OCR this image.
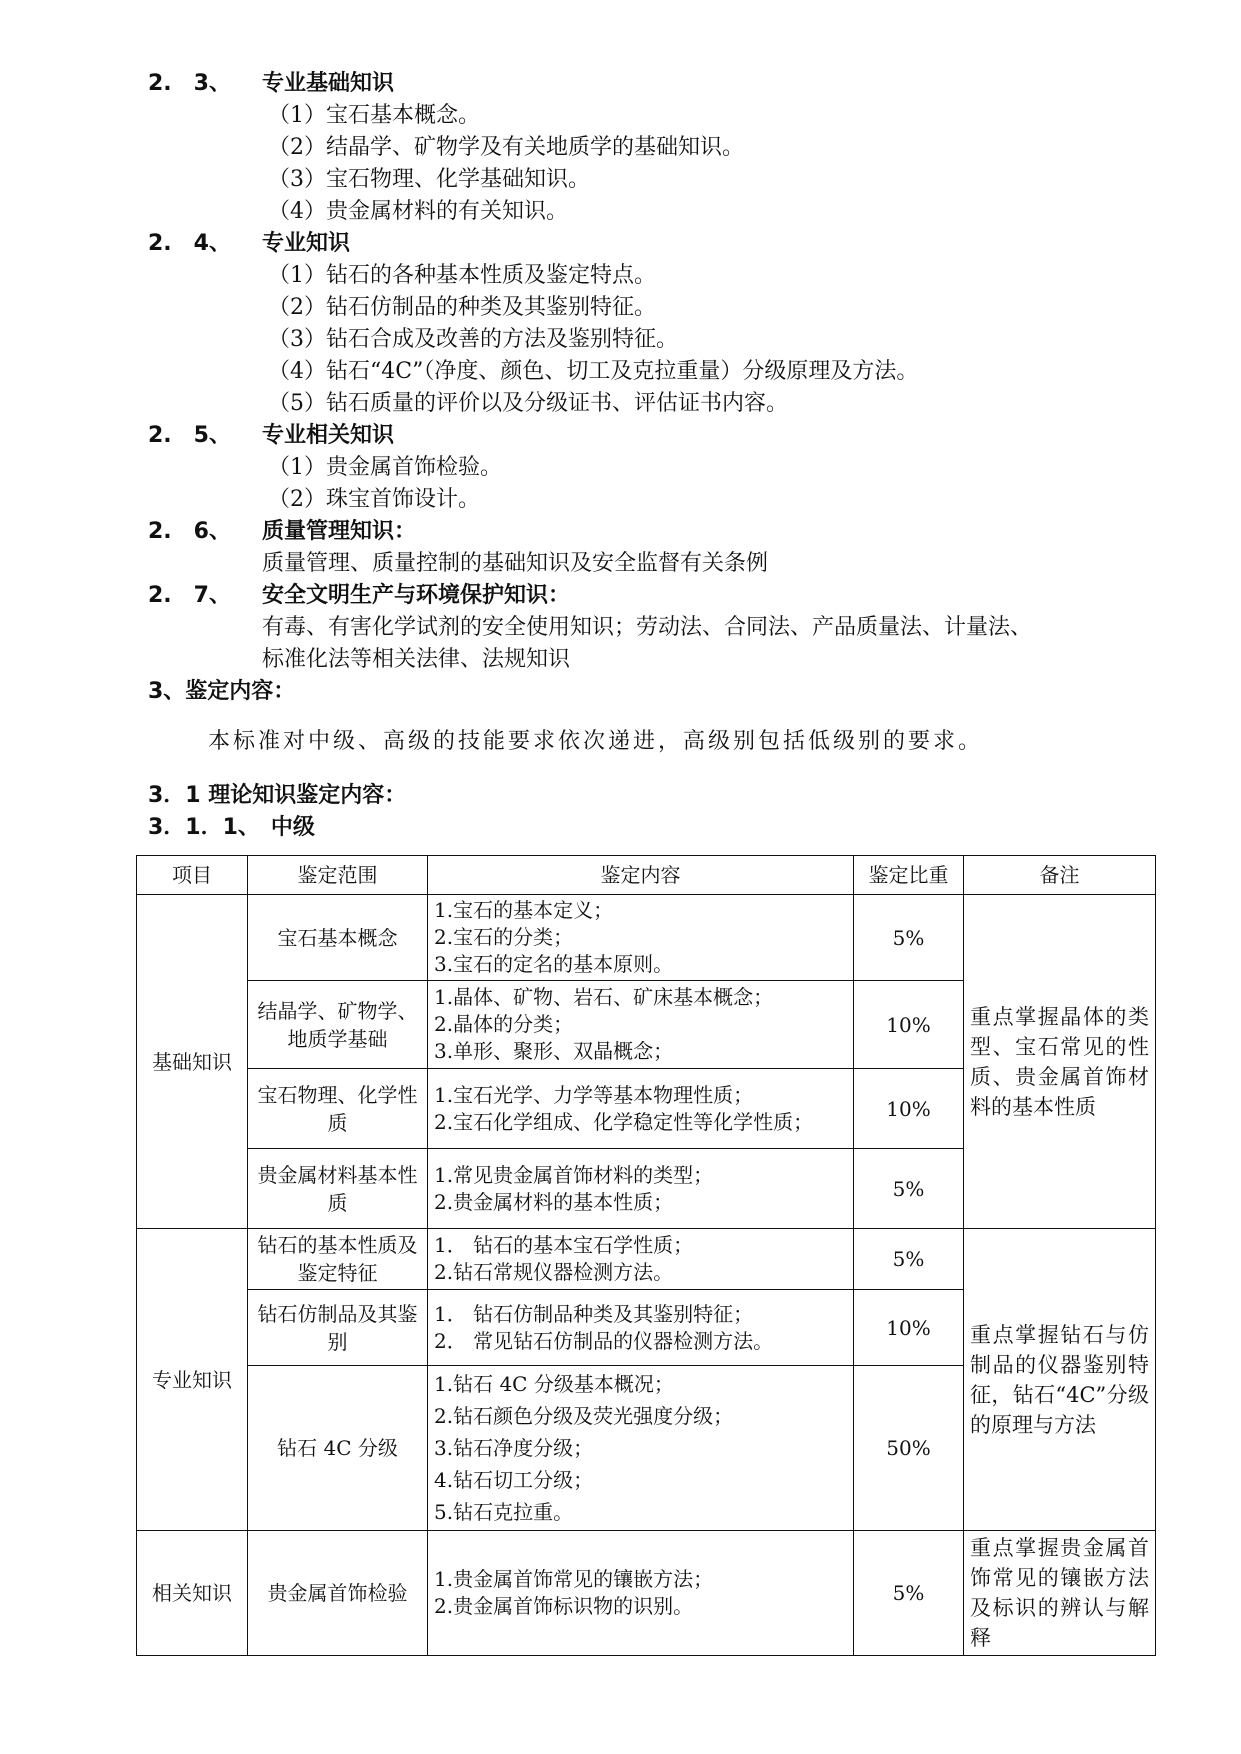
2.　3、 专业基础知识
（1）宝石基本概念。
（2）结晶学、矿物学及有关地质学的基础知识。
（3）宝石物理、化学基础知识。
（4）贵金属材料的有关知识。
2.　4、 专业知识
（1）钻石的各种基本性质及鉴定特点。
（2）钻石仿制品的种类及其鉴别特征。
（3）钻石合成及改善的方法及鉴别特征。
（4）钻石“4C”（净度、颜色、切工及克拉重量）分级原理及方法。
（5）钻石质量的评价以及分级证书、评估证书内容。
2.　5、 专业相关知识
（1）贵金属首饰检验。
（2）珠宝首饰设计。
2.　6、 质量管理知识：
质量管理、质量控制的基础知识及安全监督有关条例
2.　7、 安全文明生产与环境保护知识：
有毒、有害化学试剂的安全使用知识；劳动法、合同法、产品质量法、计量法、
标准化法等相关法律、法规知识
3、鉴定内容：
本标准对中级、高级的技能要求依次递进，高级别包括低级别的要求。
3．1 理论知识鉴定内容：
3．1．1、　中级
项目	鉴定范围	鉴定内容	鉴定比重	备注
基础知识	宝石基本概念	1.宝石的基本定义；
2.宝石的分类；
3.宝石的定名的基本原则。	5%	重点掌握晶体的类型、宝石常见的性质、贵金属首饰材料的基本性质
	结晶学、矿物学、地质学基础	1.晶体、矿物、岩石、矿床基本概念；
2.晶体的分类；
3.单形、聚形、双晶概念；	10%	
	宝石物理、化学性质	1.宝石光学、力学等基本物理性质；
2.宝石化学组成、化学稳定性等化学性质；	10%	
	贵金属材料基本性质	1.常见贵金属首饰材料的类型；
2.贵金属材料的基本性质；	5%	
专业知识	钻石的基本性质及鉴定特征	1． 钻石的基本宝石学性质；
2.钻石常规仪器检测方法。	5%	重点掌握钻石与仿制品的仪器鉴别特征，钻石“4C”分级的原理与方法
	钻石仿制品及其鉴别	1． 钻石仿制品种类及其鉴别特征；
2． 常见钻石仿制品的仪器检测方法。	10%	
	钻石 4C 分级	1.钻石 4C 分级基本概况；
2.钻石颜色分级及荧光强度分级；
3.钻石净度分级；
4.钻石切工分级；
5.钻石克拉重。	50%	
相关知识	贵金属首饰检验	1.贵金属首饰常见的镶嵌方法；
2.贵金属首饰标识物的识别。	5%	重点掌握贵金属首饰常见的镶嵌方法及标识的辨认与解释
